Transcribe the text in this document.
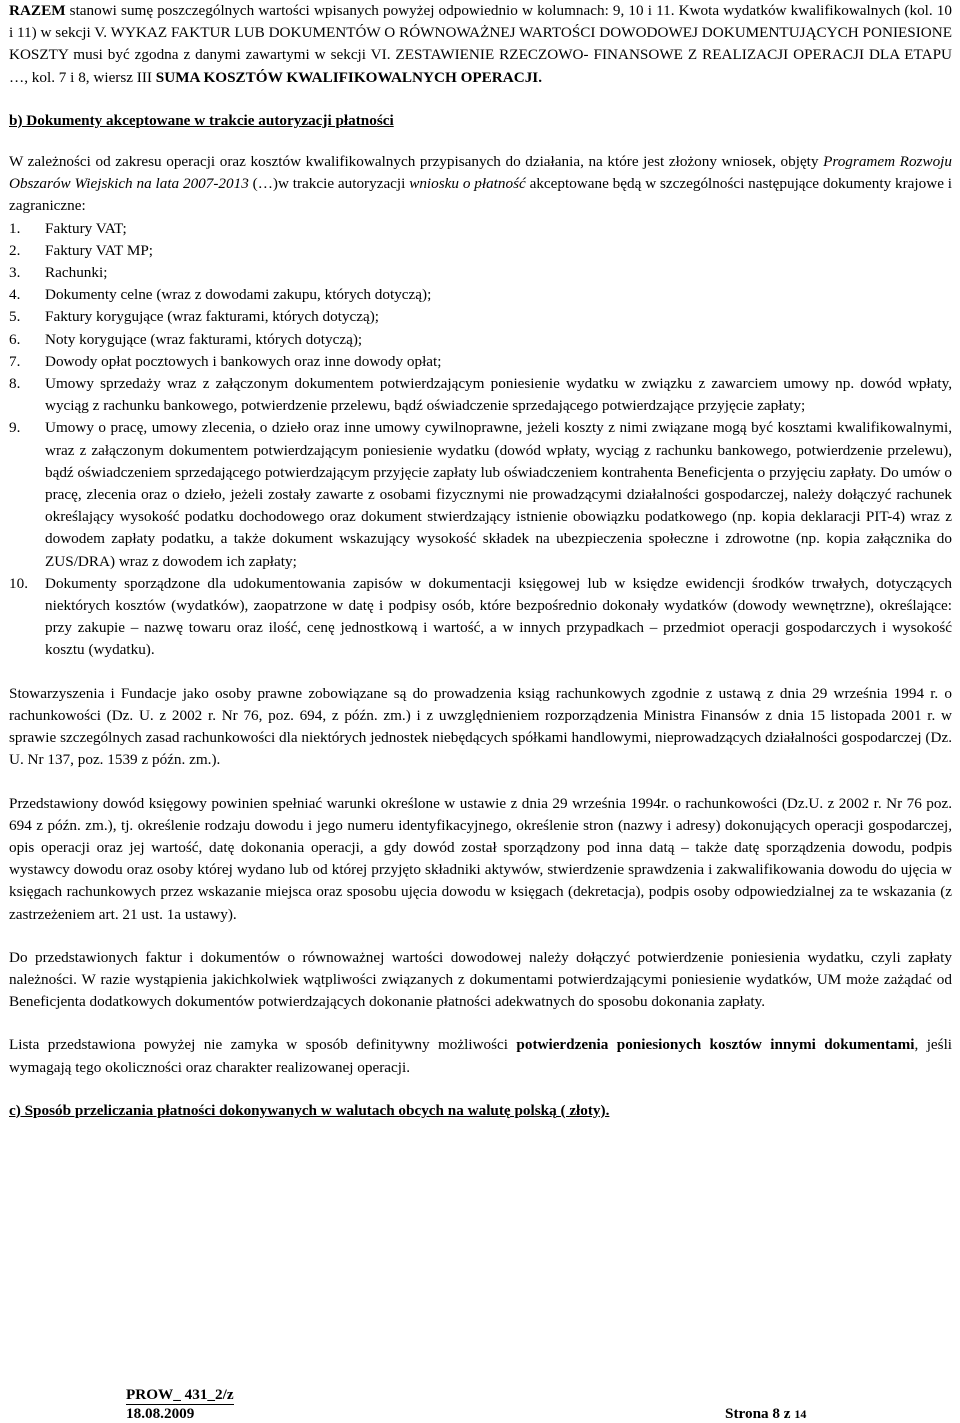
RAZEM stanowi sumę poszczególnych wartości wpisanych powyżej odpowiednio w kolumnach: 9, 10 i 11. Kwota wydatków kwalifikowalnych (kol. 10 i 11) w sekcji V. WYKAZ FAKTUR LUB DOKUMENTÓW O RÓWNOWAŻNEJ WARTOŚCI DOWODOWEJ DOKUMENTUJĄCYCH PONIESIONE KOSZTY musi być zgodna z danymi zawartymi w sekcji VI. ZESTAWIENIE RZECZOWO- FINANSOWE Z REALIZACJI OPERACJI DLA ETAPU …, kol. 7 i 8, wiersz III SUMA KOSZTÓW KWALIFIKOWALNYCH OPERACJI.

b) Dokumenty akceptowane w trakcie autoryzacji płatności

W zależności od zakresu operacji oraz kosztów kwalifikowalnych przypisanych do działania, na które jest złożony wniosek, objęty Programem Rozwoju Obszarów Wiejskich na lata 2007-2013 (…)w trakcie autoryzacji wniosku o płatność akceptowane będą w szczególności następujące dokumenty krajowe i zagraniczne:

1. Faktury VAT;
2. Faktury VAT MP;
3. Rachunki;
4. Dokumenty celne (wraz z dowodami zakupu, których dotyczą);
5. Faktury korygujące (wraz fakturami, których dotyczą);
6. Noty korygujące (wraz fakturami, których dotyczą);
7. Dowody opłat pocztowych i bankowych oraz inne dowody opłat;
8. Umowy sprzedaży wraz z załączonym dokumentem potwierdzającym poniesienie wydatku w związku z zawarciem umowy np. dowód wpłaty, wyciąg z rachunku bankowego, potwierdzenie przelewu, bądź oświadczenie sprzedającego potwierdzające przyjęcie zapłaty;
9. Umowy o pracę, umowy zlecenia, o dzieło oraz inne umowy cywilnoprawne, jeżeli koszty z nimi związane mogą być kosztami kwalifikowalnymi, wraz z załączonym dokumentem potwierdzającym poniesienie wydatku (dowód wpłaty, wyciąg z rachunku bankowego, potwierdzenie przelewu), bądź oświadczeniem sprzedającego potwierdzającym przyjęcie zapłaty lub oświadczeniem kontrahenta Beneficjenta o przyjęciu zapłaty. Do umów o pracę, zlecenia oraz o dzieło, jeżeli zostały zawarte z osobami fizycznymi nie prowadzącymi działalności gospodarczej, należy dołączyć rachunek określający wysokość podatku dochodowego oraz dokument stwierdzający istnienie obowiązku podatkowego (np. kopia deklaracji PIT-4) wraz z dowodem zapłaty podatku, a także dokument wskazujący wysokość składek na ubezpieczenia społeczne i zdrowotne (np. kopia załącznika do ZUS/DRA) wraz z dowodem ich zapłaty;
10. Dokumenty sporządzone dla udokumentowania zapisów w dokumentacji księgowej lub w księdze ewidencji środków trwałych, dotyczących niektórych kosztów (wydatków), zaopatrzone w datę i podpisy osób, które bezpośrednio dokonały wydatków (dowody wewnętrzne), określające: przy zakupie – nazwę towaru oraz ilość, cenę jednostkową i wartość, a w innych przypadkach – przedmiot operacji gospodarczych i wysokość kosztu (wydatku).

Stowarzyszenia i Fundacje jako osoby prawne zobowiązane są do prowadzenia ksiąg rachunkowych zgodnie z ustawą z dnia 29 września 1994 r. o rachunkowości (Dz. U. z 2002 r. Nr 76, poz. 694, z późn. zm.) i z uwzględnieniem rozporządzenia Ministra Finansów z dnia 15 listopada 2001 r. w sprawie szczególnych zasad rachunkowości dla niektórych jednostek niebędących spółkami handlowymi, nieprowadzących działalności gospodarczej (Dz. U. Nr 137, poz. 1539 z późn. zm.).

Przedstawiony dowód księgowy powinien spełniać warunki określone w ustawie z dnia 29 września 1994r. o rachunkowości (Dz.U. z 2002 r. Nr 76 poz. 694 z późn. zm.), tj. określenie rodzaju dowodu i jego numeru identyfikacyjnego, określenie stron (nazwy i adresy) dokonujących operacji gospodarczej, opis operacji oraz jej wartość, datę dokonania operacji, a gdy dowód został sporządzony pod inna datą – także datę sporządzenia dowodu, podpis wystawcy dowodu oraz osoby której wydano lub od której przyjęto składniki aktywów, stwierdzenie sprawdzenia i zakwalifikowania dowodu do ujęcia w księgach rachunkowych przez wskazanie miejsca oraz sposobu ujęcia dowodu w księgach (dekretacja), podpis osoby odpowiedzialnej za te wskazania (z zastrzeżeniem art. 21 ust. 1a ustawy).

Do przedstawionych faktur i dokumentów o równoważnej wartości dowodowej należy dołączyć potwierdzenie poniesienia wydatku, czyli zapłaty należności. W razie wystąpienia jakichkolwiek wątpliwości związanych z dokumentami potwierdzającymi poniesienie wydatków, UM może zażądać od Beneficjenta dodatkowych dokumentów potwierdzających dokonanie płatności adekwatnych do sposobu dokonania zapłaty.

Lista przedstawiona powyżej nie zamyka w sposób definitywny możliwości potwierdzenia poniesionych kosztów innymi dokumentami, jeśli wymagają tego okoliczności oraz charakter realizowanej operacji.

c) Sposób przeliczania płatności dokonywanych w walutach obcych na walutę polską ( złoty).

PROW_ 431_2/z
18.08.2009	Strona 8 z 14
